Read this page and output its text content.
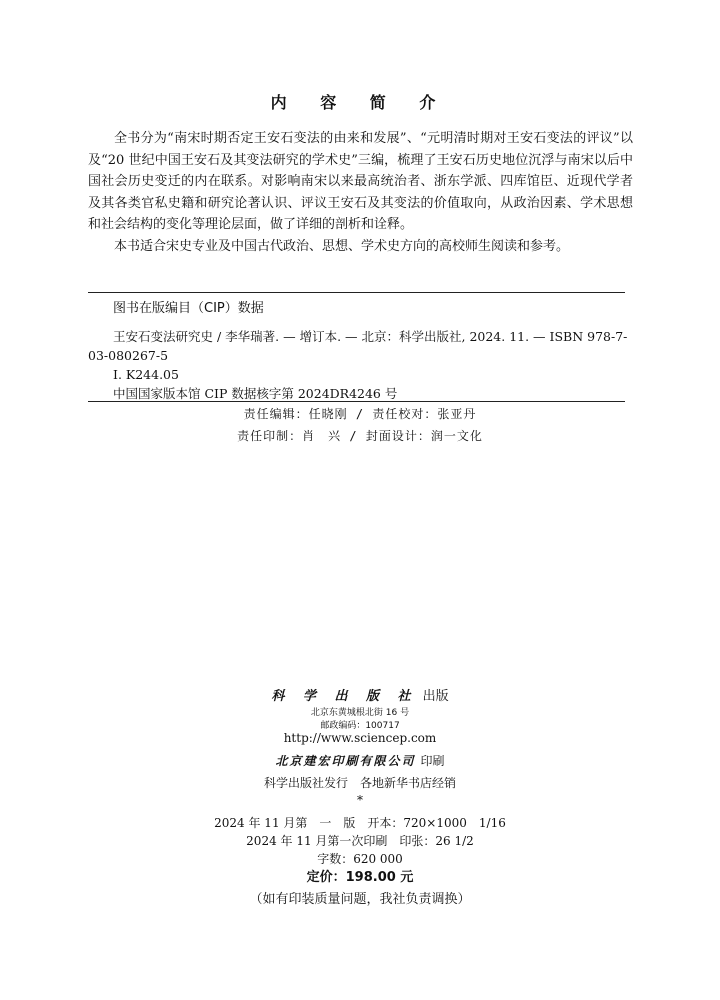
内 容 简 介

全书分为“南宋时期否定王安石变法的由来和发展”、“元明清时期对王安石变法的评议”以及“20 世纪中国王安石及其变法研究的学术史”三编，梳理了王安石历史地位沉浮与南宋以后中国社会历史变迁的内在联系。对影响南宋以来最高统治者、浙东学派、四库馆臣、近现代学者及其各类官私史籍和研究论著认识、评议王安石及其变法的价值取向，从政治因素、学术思想和社会结构的变化等理论层面，做了详细的剖析和诠释。

本书适合宋史专业及中国古代政治、思想、学术史方向的高校师生阅读和参考。

图书在版编目（CIP）数据
王安石变法研究史 / 李华瑞著. — 增订本. — 北京：科学出版社, 2024. 11. — ISBN 978-7-
03-080267-5
Ⅰ. K244.05
中国国家版本馆 CIP 数据核字第 2024DR4246 号
责任编辑：任晓刚 / 责任校对：张亚丹
责任印制：肖　兴 / 封面设计：润一文化
科 学 出 版 社 出版
北京东黄城根北街 16 号
邮政编码：100717
http://www.sciencep.com
北京建宏印刷有限公司 印刷
科学出版社发行　各地新华书店经销
*
2024 年 11 月第　一　版　开本：720×1000　1/16
2024 年 11 月第一次印刷　印张：26 1/2
字数：620 000
定价：198.00 元
（如有印装质量问题，我社负责调换）
